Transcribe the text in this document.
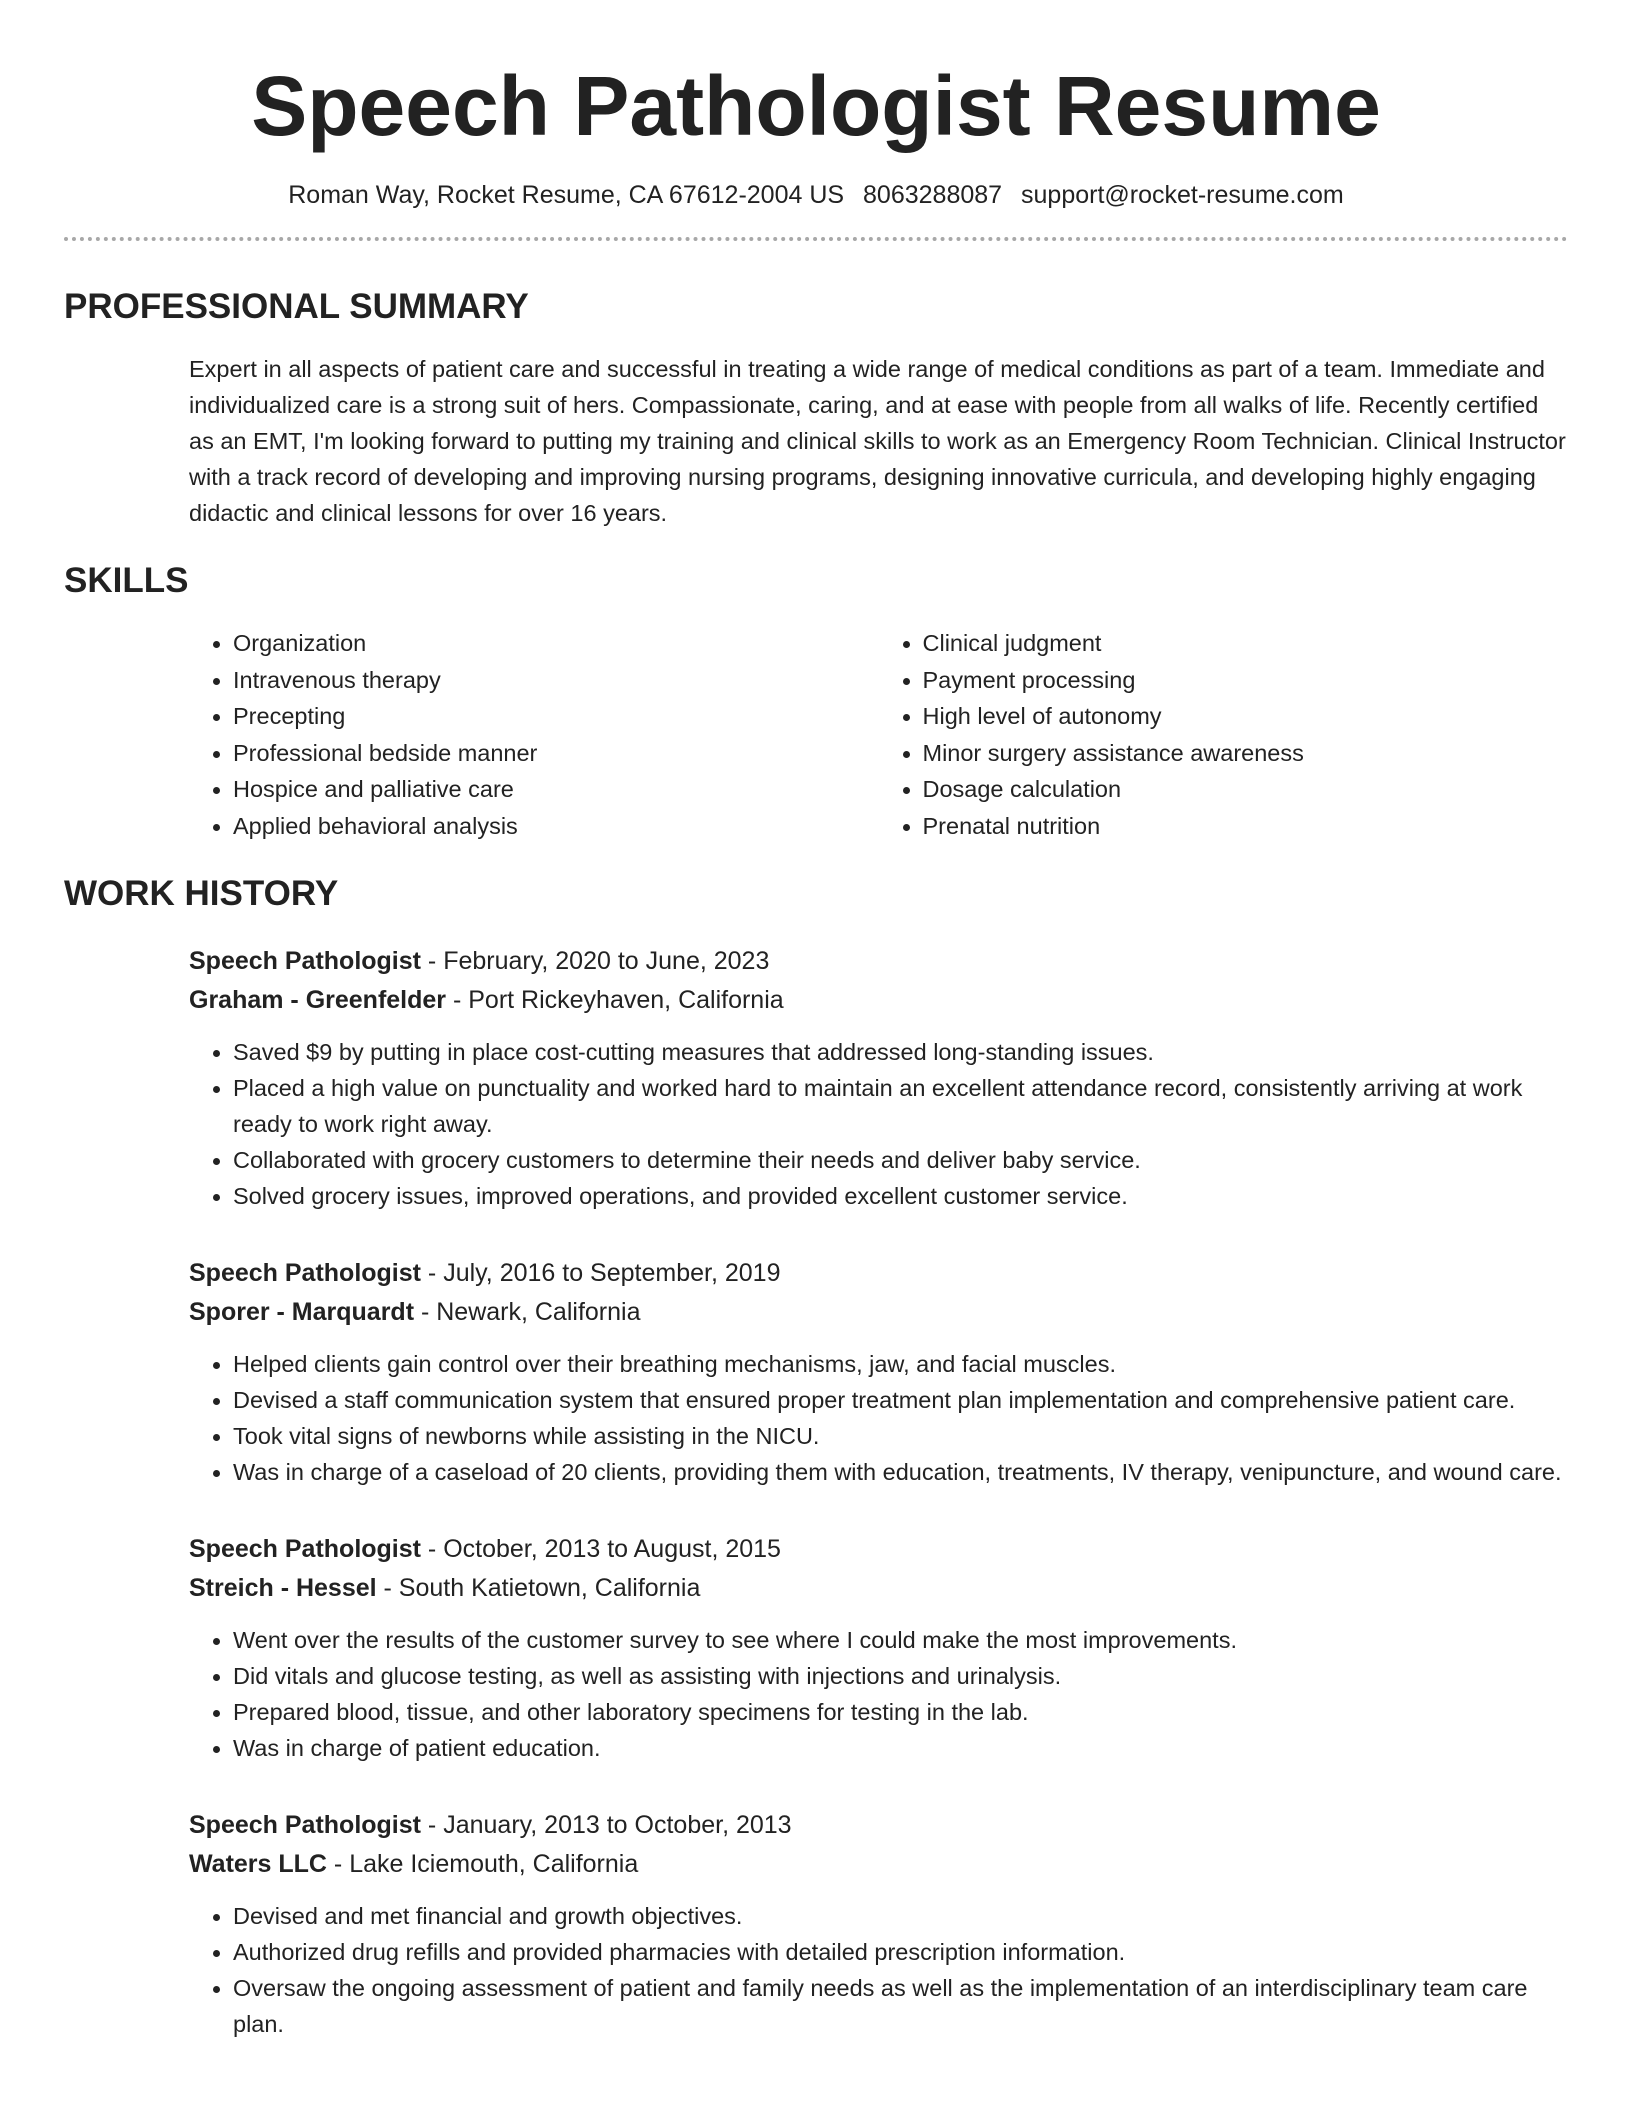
Speech Pathologist Resume
Roman Way, Rocket Resume, CA 67612-2004 US 8063288087 support@rocket-resume.com
PROFESSIONAL SUMMARY

Expert in all aspects of patient care and successful in treating a wide range of medical conditions as part of a team. Immediate and individualized care is a strong suit of hers. Compassionate, caring, and at ease with people from all walks of life. Recently certified as an EMT, I'm looking forward to putting my training and clinical skills to work as an Emergency Room Technician. Clinical Instructor with a track record of developing and improving nursing programs, designing innovative curricula, and developing highly engaging didactic and clinical lessons for over 16 years.

SKILLS
• Organization
• Intravenous therapy
• Precepting
• Professional bedside manner
• Hospice and palliative care
• Applied behavioral analysis
• Clinical judgment
• Payment processing
• High level of autonomy
• Minor surgery assistance awareness
• Dosage calculation
• Prenatal nutrition
WORK HISTORY
Speech Pathologist - February, 2020 to June, 2023
Graham - Greenfelder - Port Rickeyhaven, California
• Saved $9 by putting in place cost-cutting measures that addressed long-standing issues.
• Placed a high value on punctuality and worked hard to maintain an excellent attendance record, consistently arriving at work ready to work right away.
• Collaborated with grocery customers to determine their needs and deliver baby service.
• Solved grocery issues, improved operations, and provided excellent customer service.
Speech Pathologist - July, 2016 to September, 2019
Sporer - Marquardt - Newark, California
• Helped clients gain control over their breathing mechanisms, jaw, and facial muscles.
• Devised a staff communication system that ensured proper treatment plan implementation and comprehensive patient care.
• Took vital signs of newborns while assisting in the NICU.
• Was in charge of a caseload of 20 clients, providing them with education, treatments, IV therapy, venipuncture, and wound care.
Speech Pathologist - October, 2013 to August, 2015
Streich - Hessel - South Katietown, California
• Went over the results of the customer survey to see where I could make the most improvements.
• Did vitals and glucose testing, as well as assisting with injections and urinalysis.
• Prepared blood, tissue, and other laboratory specimens for testing in the lab.
• Was in charge of patient education.
Speech Pathologist - January, 2013 to October, 2013
Waters LLC - Lake Iciemouth, California
• Devised and met financial and growth objectives.
• Authorized drug refills and provided pharmacies with detailed prescription information.
• Oversaw the ongoing assessment of patient and family needs as well as the implementation of an interdisciplinary team care plan.
